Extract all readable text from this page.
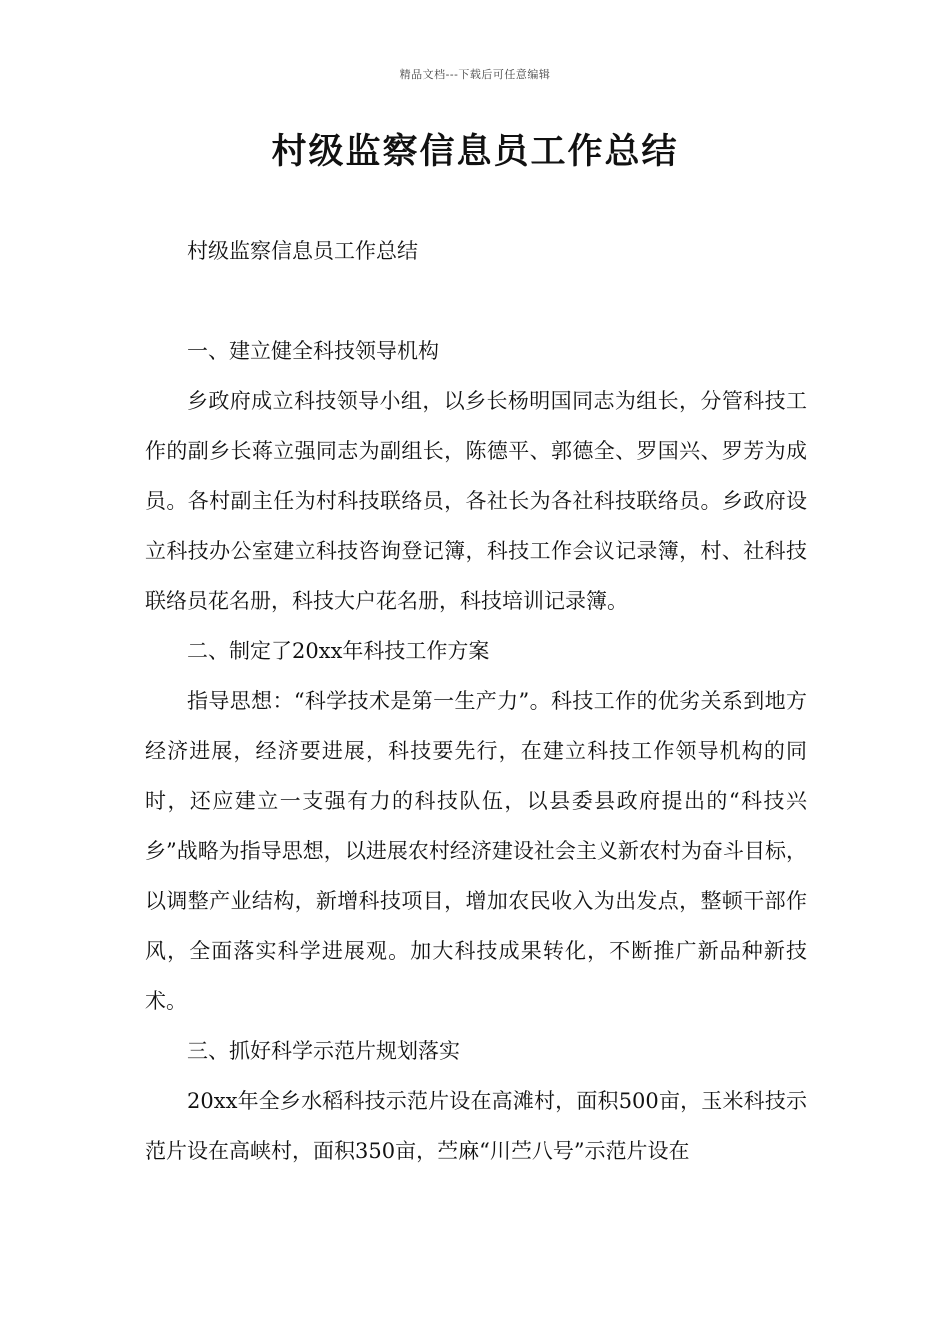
精品文档---下载后可任意编辑
村级监察信息员工作总结

村级监察信息员工作总结

一、建立健全科技领导机构

乡政府成立科技领导小组，以乡长杨明国同志为组长，分管科技工作的副乡长蒋立强同志为副组长，陈德平、郭德全、罗国兴、罗芳为成员。各村副主任为村科技联络员，各社长为各社科技联络员。乡政府设立科技办公室建立科技咨询登记簿，科技工作会议记录簿，村、社科技联络员花名册，科技大户花名册，科技培训记录簿。

二、制定了20xx年科技工作方案

指导思想：“科学技术是第一生产力”。科技工作的优劣关系到地方经济进展，经济要进展，科技要先行，在建立科技工作领导机构的同时，还应建立一支强有力的科技队伍，以县委县政府提出的“科技兴乡”战略为指导思想，以进展农村经济建设社会主义新农村为奋斗目标，以调整产业结构，新增科技项目，增加农民收入为出发点，整顿干部作风，全面落实科学进展观。加大科技成果转化，不断推广新品种新技术。

三、抓好科学示范片规划落实

20xx年全乡水稻科技示范片设在高滩村，面积500亩，玉米科技示范片设在高峡村，面积350亩，苎麻“川苎八号”示范片设在
